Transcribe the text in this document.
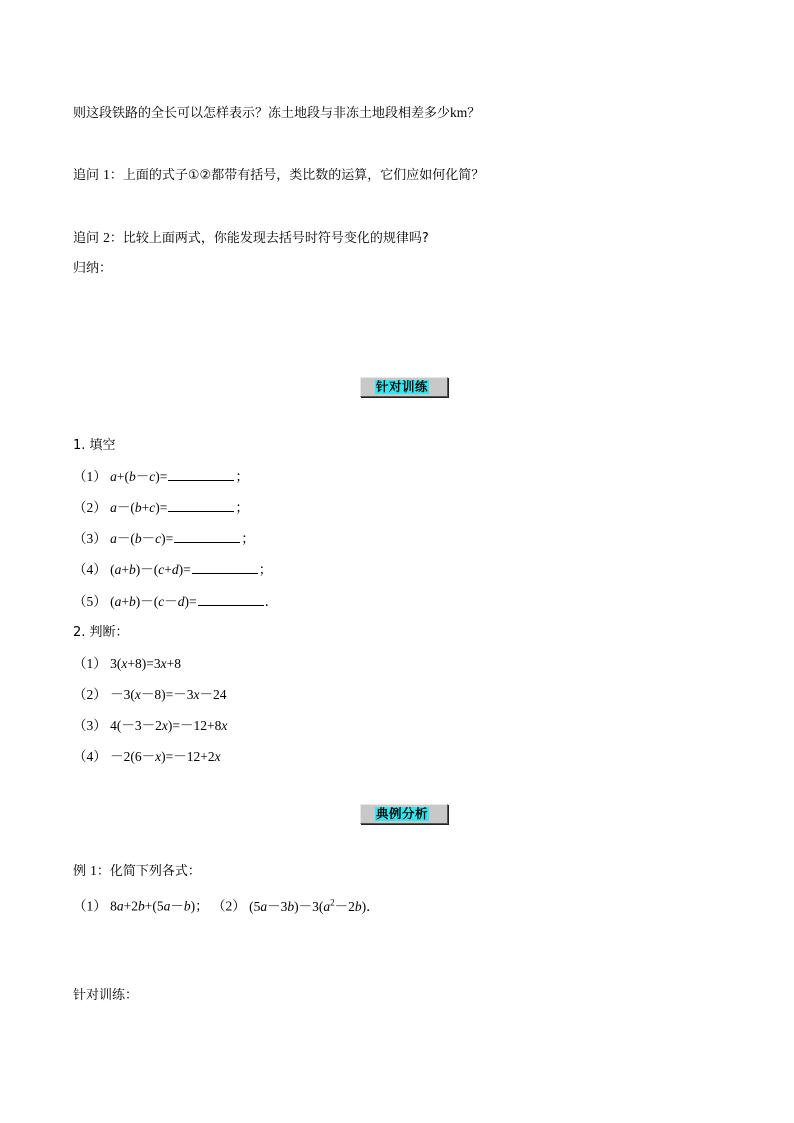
则这段铁路的全长可以怎样表示？冻土地段与非冻土地段相差多少km？
追问 1：上面的式子①②都带有括号，类比数的运算，它们应如何化简？
追问 2：比较上面两式，你能发现去括号时符号变化的规律吗?
归纳：
针对训练
1. 填空
（1） a+(b－c)=	；
（2） a－(b+c)=	；
（3） a－(b－c)=	；
（4） (a+b)－(c+d)=	；
（5） (a+b)－(c－d)=	．
2. 判断：
（1） 3(x+8)=3x+8
（2） －3(x－8)=－3x－24
（3） 4(－3－2x)=－12+8x
（4） －2(6－x)=－12+2x
典例分析
例 1：化简下列各式：
（1） 8a+2b+(5a－b)； （2） $(5a-3b)-3(a^2-2b)$．
针对训练：
